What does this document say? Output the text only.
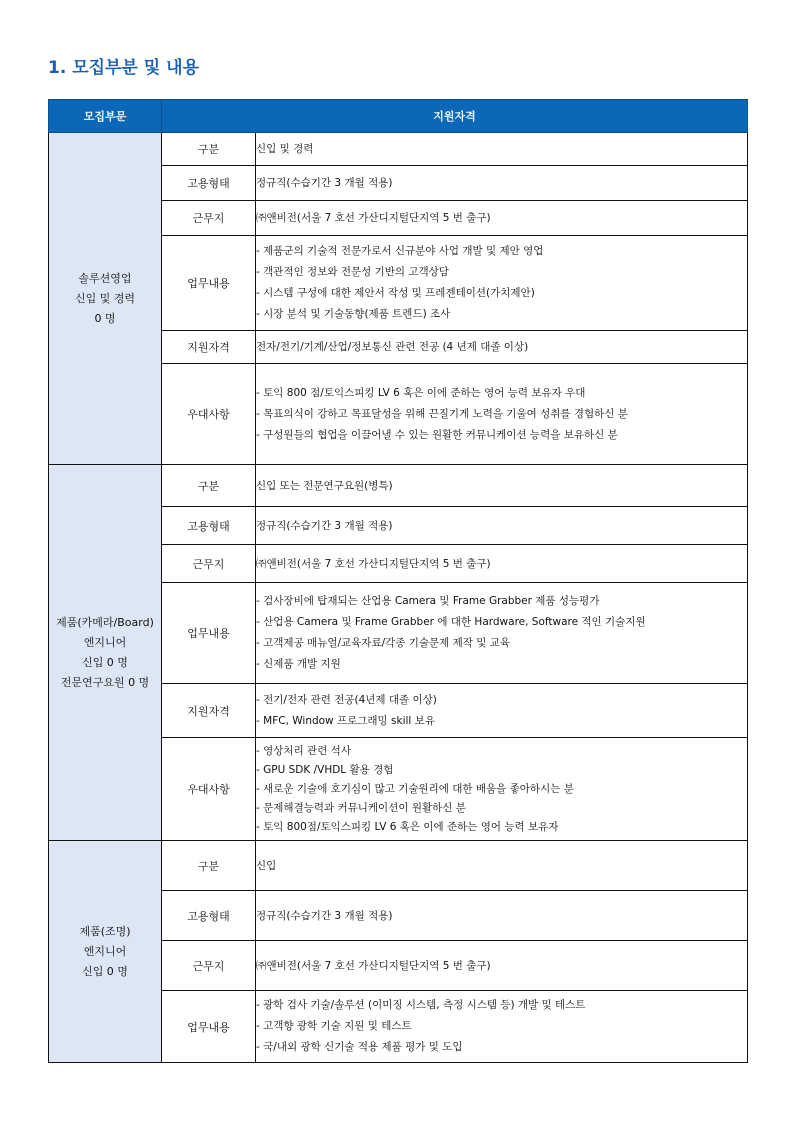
1. 모집부분 및 내용
모집부문	지원자격	

솔루션영업
신입 및 경력
0 명	구분	신입 및 경력

	고용형태	정규직(수습기간 3 개월 적용)

	근무지	㈜앤비전(서울 7 호선 가산디지털단지역 5 번 출구)

	업무내용	- 제품군의 기술적 전문가로서 신규분야 사업 개발 및 제안 영업
- 객관적인 정보와 전문성 기반의 고객상담
- 시스템 구성에 대한 제안서 작성 및 프레젠테이션(가치제안)
- 시장 분석 및 기술동향(제품 트렌드) 조사

	지원자격	전자/전기/기계/산업/정보통신 관련 전공 (4 년제 대졸 이상)

	우대사항	- 토익 800 점/토익스피킹 LV 6 혹은 이에 준하는 영어 능력 보유자 우대
- 목표의식이 강하고 목표달성을 위해 끈질기게 노력을 기울여 성취를 경험하신 분
- 구성원들의 협업을 이끌어낼 수 있는 원활한 커뮤니케이션 능력을 보유하신 분

제품(카메라/Board)
엔지니어
신입 0 명
전문연구요원 0 명	구분	신입 또는 전문연구요원(병특)

	고용형태	정규직(수습기간 3 개월 적용)

	근무지	㈜앤비전(서울 7 호선 가산디지털단지역 5 번 출구)

	업무내용	- 검사장비에 탑재되는 산업용 Camera 및 Frame Grabber 제품 성능평가
- 산업용 Camera 및 Frame Grabber 에 대한 Hardware, Software 적인 기술지원
- 고객제공 매뉴얼/교육자료/각종 기술문제 제작 및 교육
- 신제품 개발 지원

	지원자격	- 전기/전자 관련 전공(4년제 대졸 이상)
- MFC, Window 프로그래밍 skill 보유

	우대사항	- 영상처리 관련 석사
- GPU SDK /VHDL 활용 경험
- 새로운 기술에 호기심이 많고 기술원리에 대한 배움을 좋아하시는 분
- 문제해결능력과 커뮤니케이션이 원활하신 분
- 토익 800점/토익스피킹 LV 6 혹은 이에 준하는 영어 능력 보유자

제품(조명)
엔지니어
신입 0 명	구분	신입

	고용형태	정규직(수습기간 3 개월 적용)

	근무지	㈜앤비전(서울 7 호선 가산디지털단지역 5 번 출구)

	업무내용	- 광학 검사 기술/솔루션 (이미징 시스템, 측정 시스템 등) 개발 및 테스트
- 고객향 광학 기술 지원 및 테스트
- 국/내외 광학 신기술 적용 제품 평가 및 도입
